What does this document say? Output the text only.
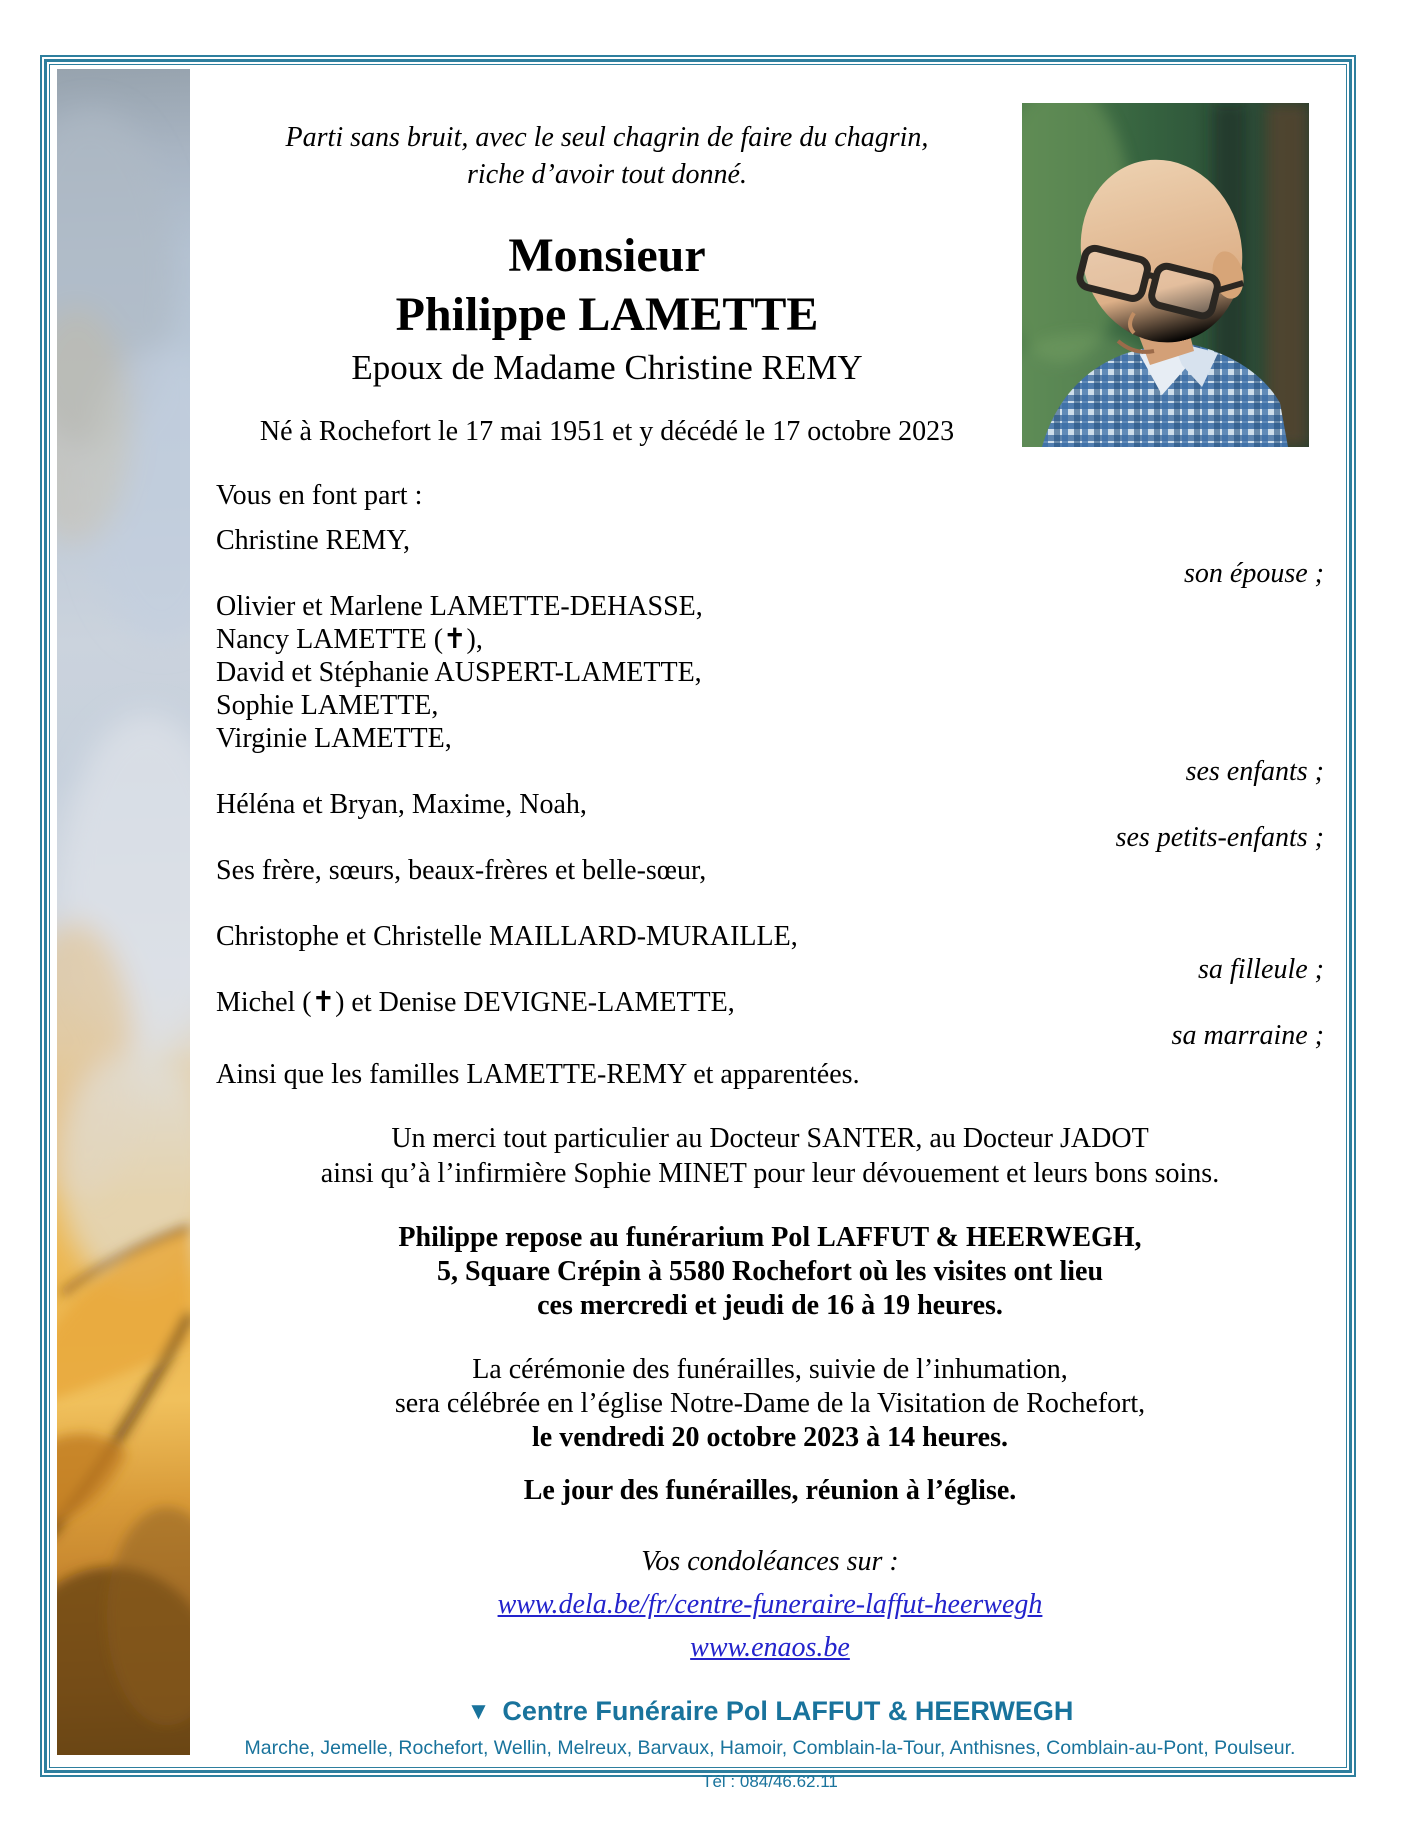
Parti sans bruit, avec le seul chagrin de faire du chagrin,
riche d’avoir tout donné.
Monsieur
Philippe LAMETTE
Epoux de Madame Christine REMY
Né à Rochefort le 17 mai 1951 et y décédé le 17 octobre 2023

Vous en font part :

Christine REMY,

son épouse ;

Olivier et Marlene LAMETTE-DEHASSE,

Nancy LAMETTE (✝),

David et Stéphanie AUSPERT-LAMETTE,

Sophie LAMETTE,

Virginie LAMETTE,

ses enfants ;

Héléna et Bryan, Maxime, Noah,

ses petits-enfants ;

Ses frère, sœurs, beaux-frères et belle-sœur,

Christophe et Christelle MAILLARD-MURAILLE,

sa filleule ;

Michel (✝) et Denise DEVIGNE-LAMETTE,

sa marraine ;

Ainsi que les familles LAMETTE-REMY et apparentées.

Un merci tout particulier au Docteur SANTER, au Docteur JADOT
ainsi qu’à l’infirmière Sophie MINET pour leur dévouement et leurs bons soins.
Philippe repose au funérarium Pol LAFFUT & HEERWEGH,
5, Square Crépin à 5580 Rochefort où les visites ont lieu
ces mercredi et jeudi de 16 à 19 heures.
La cérémonie des funérailles, suivie de l’inhumation,
sera célébrée en l’église Notre-Dame de la Visitation de Rochefort,
le vendredi 20 octobre 2023 à 14 heures.
Le jour des funérailles, réunion à l’église.
Vos condoléances sur :
www.dela.be/fr/centre-funeraire-laffut-heerwegh
www.enaos.be
▼ Centre Funéraire Pol LAFFUT & HEERWEGH
Marche, Jemelle, Rochefort, Wellin, Melreux, Barvaux, Hamoir, Comblain-la-Tour, Anthisnes, Comblain-au-Pont, Poulseur.
Tél : 084/46.62.11
